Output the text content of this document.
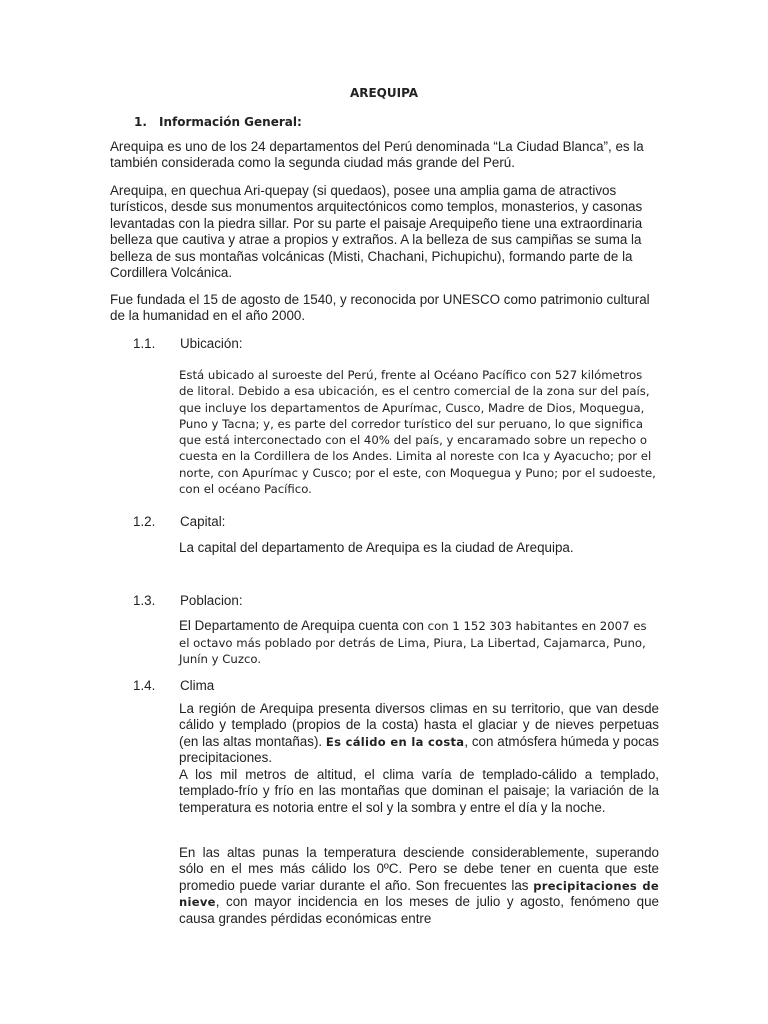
AREQUIPA
1. Información General:

Arequipa es uno de los 24 departamentos del Perú denominada “La Ciudad Blanca”, es la también considerada como la segunda ciudad más grande del Perú.

Arequipa, en quechua Ari-quepay (si quedaos), posee una amplia gama de atractivos turísticos, desde sus monumentos arquitectónicos como templos, monasterios, y casonas levantadas con la piedra sillar. Por su parte el paisaje Arequipeño tiene una extraordinaria belleza que cautiva y atrae a propios y extraños. A la belleza de sus campiñas se suma la belleza de sus montañas volcánicas (Misti, Chachani, Pichupichu), formando parte de la Cordillera Volcánica.

Fue fundada el 15 de agosto de 1540, y reconocida por UNESCO como patrimonio cultural de la humanidad en el año 2000.

1.1. Ubicación:

Está ubicado al suroeste del Perú, frente al Océano Pacífico con 527 kilómetros de litoral. Debido a esa ubicación, es el centro comercial de la zona sur del país, que incluye los departamentos de Apurímac, Cusco, Madre de Dios, Moquegua, Puno y Tacna; y, es parte del corredor turístico del sur peruano, lo que significa que está interconectado con el 40% del país, y encaramado sobre un repecho o cuesta en la Cordillera de los Andes. Limita al noreste con Ica y Ayacucho; por el norte, con Apurímac y Cusco; por el este, con Moquegua y Puno; por el sudoeste, con el océano Pacífico.

1.2. Capital:

La capital del departamento de Arequipa es la ciudad de Arequipa.

1.3. Poblacion:

El Departamento de Arequipa cuenta con con 1 152 303 habitantes en 2007 es el octavo más poblado por detrás de Lima, Piura, La Libertad, Cajamarca, Puno, Junín y Cuzco.

1.4. Clima

La región de Arequipa presenta diversos climas en su territorio, que van desde cálido y templado (propios de la costa) hasta el glaciar y de nieves perpetuas (en las altas montañas). Es cálido en la costa, con atmósfera húmeda y pocas precipitaciones.

A los mil metros de altitud, el clima varía de templado-cálido a templado, templado-frío y frío en las montañas que dominan el paisaje; la variación de la temperatura es notoria entre el sol y la sombra y entre el día y la noche.

En las altas punas la temperatura desciende considerablemente, superando sólo en el mes más cálido los 0ºC. Pero se debe tener en cuenta que este promedio puede variar durante el año. Son frecuentes las precipitaciones de nieve, con mayor incidencia en los meses de julio y agosto, fenómeno que causa grandes pérdidas económicas entre
